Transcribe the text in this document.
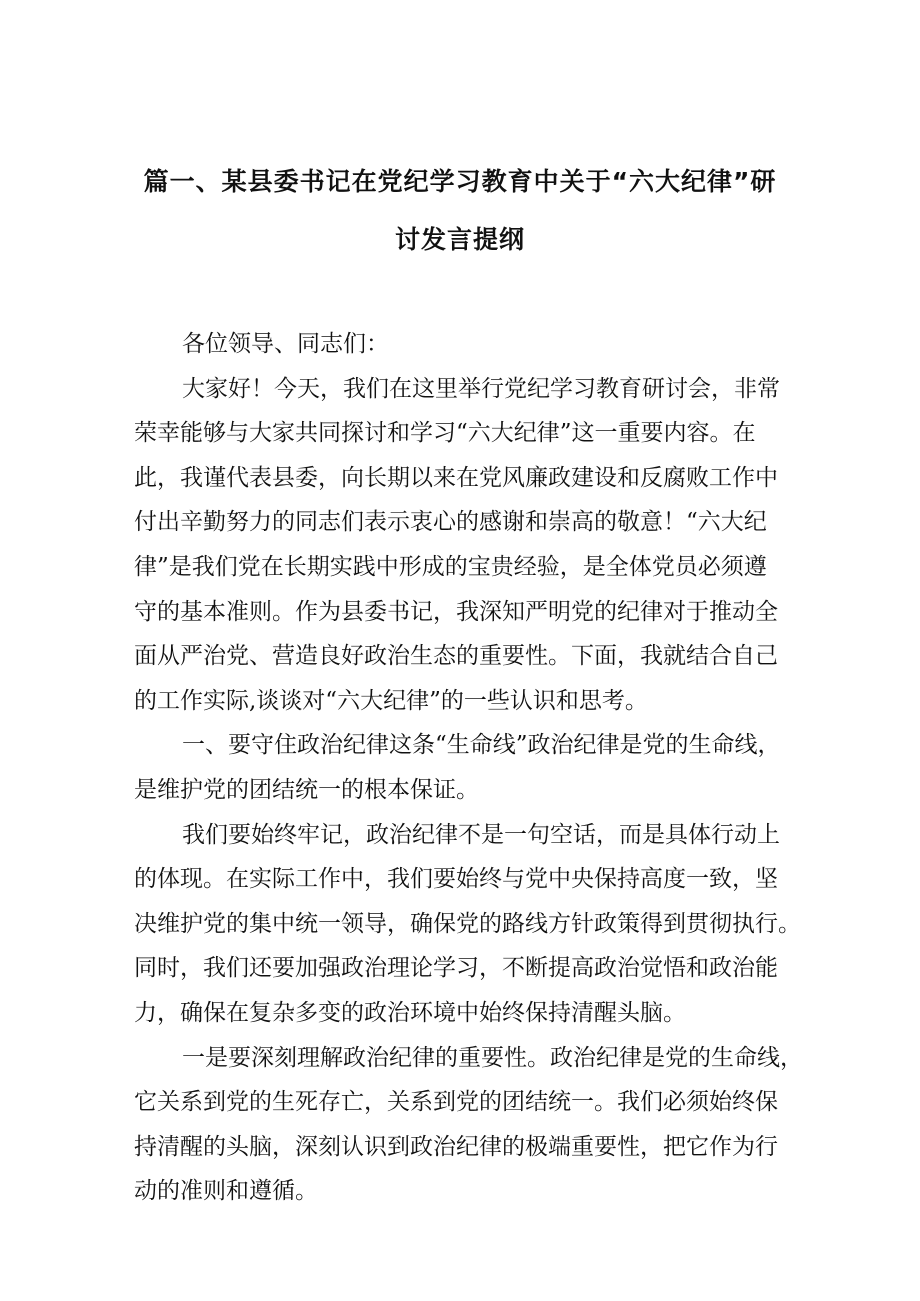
篇一、某县委书记在党纪学习教育中关于“六大纪律”研
讨发言提纲
各位领导、同志们：
大家好！今天，我们在这里举行党纪学习教育研讨会，非常
荣幸能够与大家共同探讨和学习“六大纪律”这一重要内容。在
此，我谨代表县委，向长期以来在党风廉政建设和反腐败工作中
付出辛勤努力的同志们表示衷心的感谢和崇高的敬意！“六大纪
律”是我们党在长期实践中形成的宝贵经验，是全体党员必须遵
守的基本准则。作为县委书记，我深知严明党的纪律对于推动全
面从严治党、营造良好政治生态的重要性。下面，我就结合自己
的工作实际,谈谈对“六大纪律”的一些认识和思考。
一、要守住政治纪律这条“生命线”政治纪律是党的生命线，
是维护党的团结统一的根本保证。
我们要始终牢记，政治纪律不是一句空话，而是具体行动上
的体现。在实际工作中，我们要始终与党中央保持高度一致，坚
决维护党的集中统一领导，确保党的路线方针政策得到贯彻执行。
同时，我们还要加强政治理论学习，不断提高政治觉悟和政治能
力，确保在复杂多变的政治环境中始终保持清醒头脑。
一是要深刻理解政治纪律的重要性。政治纪律是党的生命线，
它关系到党的生死存亡，关系到党的团结统一。我们必须始终保
持清醒的头脑，深刻认识到政治纪律的极端重要性，把它作为行
动的准则和遵循。
